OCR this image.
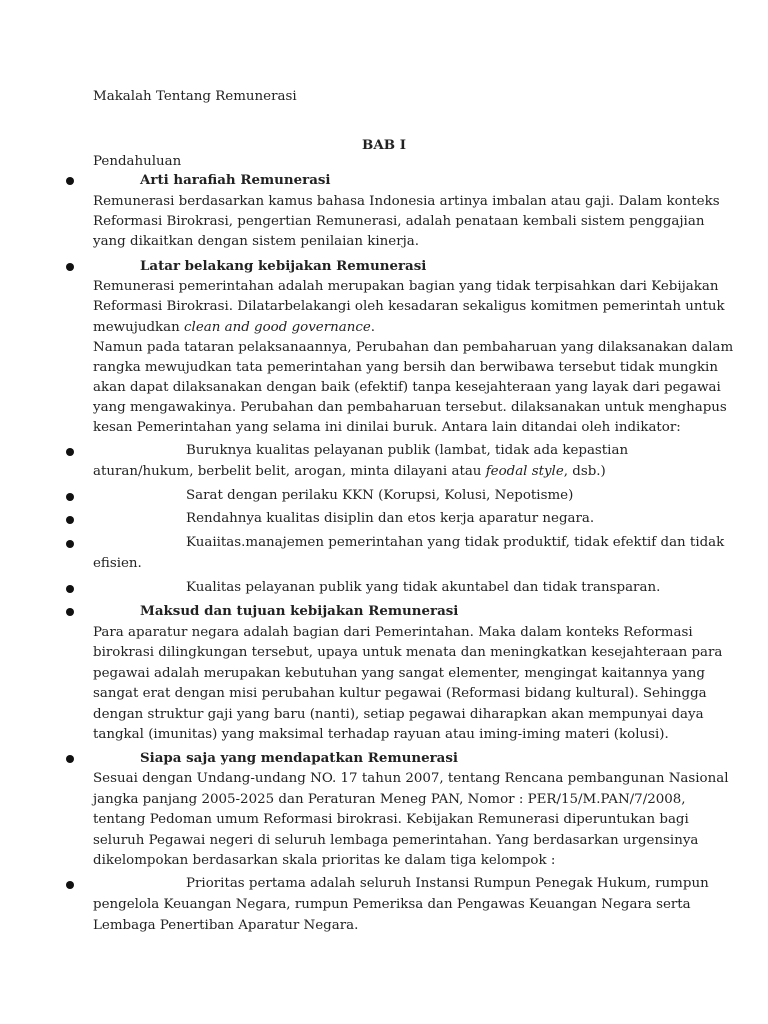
Makalah Tentang Remunerasi
BAB I
Pendahuluan
Arti harafiah Remunerasi
Remunerasi berdasarkan kamus bahasa Indonesia artinya imbalan atau gaji. Dalam konteks
Reformasi Birokrasi, pengertian Remunerasi, adalah penataan kembali sistem penggajian
yang dikaitkan dengan sistem penilaian kinerja.
Latar belakang kebijakan Remunerasi
Remunerasi pemerintahan adalah merupakan bagian yang tidak terpisahkan dari Kebijakan
Reformasi Birokrasi. Dilatarbelakangi oleh kesadaran sekaligus komitmen pemerintah untuk
mewujudkan clean and good governance.
Namun pada tataran pelaksanaannya, Perubahan dan pembaharuan yang dilaksanakan dalam
rangka mewujudkan tata pemerintahan yang bersih dan berwibawa tersebut tidak mungkin
akan dapat dilaksanakan dengan baik (efektif) tanpa kesejahteraan yang layak dari pegawai
yang mengawakinya. Perubahan dan pembaharuan tersebut. dilaksanakan untuk menghapus
kesan Pemerintahan yang selama ini dinilai buruk. Antara lain ditandai oleh indikator:
Buruknya kualitas pelayanan publik (lambat, tidak ada kepastian
aturan/hukum, berbelit belit, arogan, minta dilayani atau feodal style, dsb.)
Sarat dengan perilaku KKN (Korupsi, Kolusi, Nepotisme)
Rendahnya kualitas disiplin dan etos kerja aparatur negara.
Kuaiitas.manajemen pemerintahan yang tidak produktif, tidak efektif dan tidak
efisien.
Kualitas pelayanan publik yang tidak akuntabel dan tidak transparan.
Maksud dan tujuan kebijakan Remunerasi
Para aparatur negara adalah bagian dari Pemerintahan. Maka dalam konteks Reformasi
birokrasi dilingkungan tersebut, upaya untuk menata dan meningkatkan kesejahteraan para
pegawai adalah merupakan kebutuhan yang sangat elementer, mengingat kaitannya yang
sangat erat dengan misi perubahan kultur pegawai (Reformasi bidang kultural). Sehingga
dengan struktur gaji yang baru (nanti), setiap pegawai diharapkan akan mempunyai daya
tangkal (imunitas) yang maksimal terhadap rayuan atau iming-iming materi (kolusi).
Siapa saja yang mendapatkan Remunerasi
Sesuai dengan Undang-undang NO. 17 tahun 2007, tentang Rencana pembangunan Nasional
jangka panjang 2005-2025 dan Peraturan Meneg PAN, Nomor : PER/15/M.PAN/7/2008,
tentang Pedoman umum Reformasi birokrasi. Kebijakan Remunerasi diperuntukan bagi
seluruh Pegawai negeri di seluruh lembaga pemerintahan. Yang berdasarkan urgensinya
dikelompokan berdasarkan skala prioritas ke dalam tiga kelompok :
Prioritas pertama adalah seluruh Instansi Rumpun Penegak Hukum, rumpun
pengelola Keuangan Negara, rumpun Pemeriksa dan Pengawas Keuangan Negara serta
Lembaga Penertiban Aparatur Negara.
